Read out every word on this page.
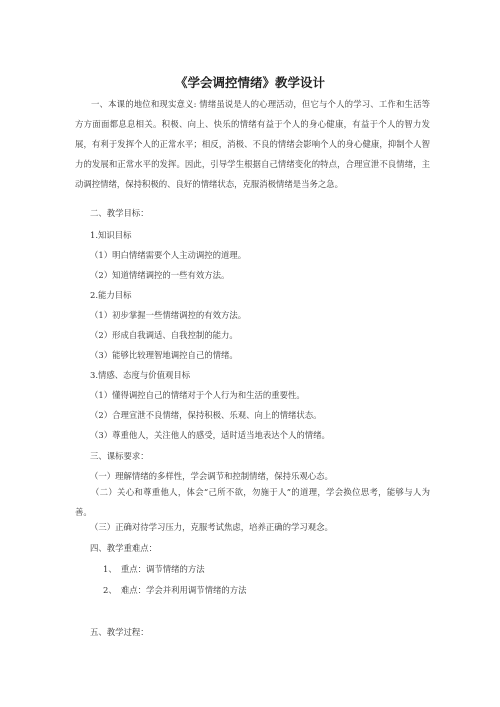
《学会调控情绪》教学设计
一、本课的地位和现实意义: 情绪虽说是人的心理活动，但它与个人的学习、工作和生活等方方面面都息息相关。积极、向上、快乐的情绪有益于个人的身心健康，有益于个人的智力发展，有利于发挥个人的正常水平；相反，消极、不良的情绪会影响个人的身心健康，抑制个人智力的发展和正常水平的发挥。因此，引导学生根据自己情绪变化的特点，合理宣泄不良情绪，主动调控情绪，保持积极的、良好的情绪状态，克服消极情绪是当务之急。
二、教学目标：
1.知识目标
（1）明白情绪需要个人主动调控的道理。
（2）知道情绪调控的一些有效方法。
2.能力目标
（1）初步掌握一些情绪调控的有效方法。
（2）形成自我调适、自我控制的能力。
（3）能够比较理智地调控自己的情绪。
3.情感、态度与价值观目标
（1）懂得调控自己的情绪对于个人行为和生活的重要性。
（2）合理宣泄不良情绪，保持积极、乐观、向上的情绪状态。
（3）尊重他人，关注他人的感受，适时适当地表达个人的情绪。
三、课标要求：
（一）理解情绪的多样性，学会调节和控制情绪，保持乐观心态。
（二）关心和尊重他人，体会“己所不欲，勿施于人”的道理，学会换位思考，能够与人为善。
（三）正确对待学习压力，克服考试焦虑，培养正确的学习观念。
四、教学重难点：
1、　重点：调节情绪的方法
2、　难点：学会并利用调节情绪的方法
五、教学过程：
